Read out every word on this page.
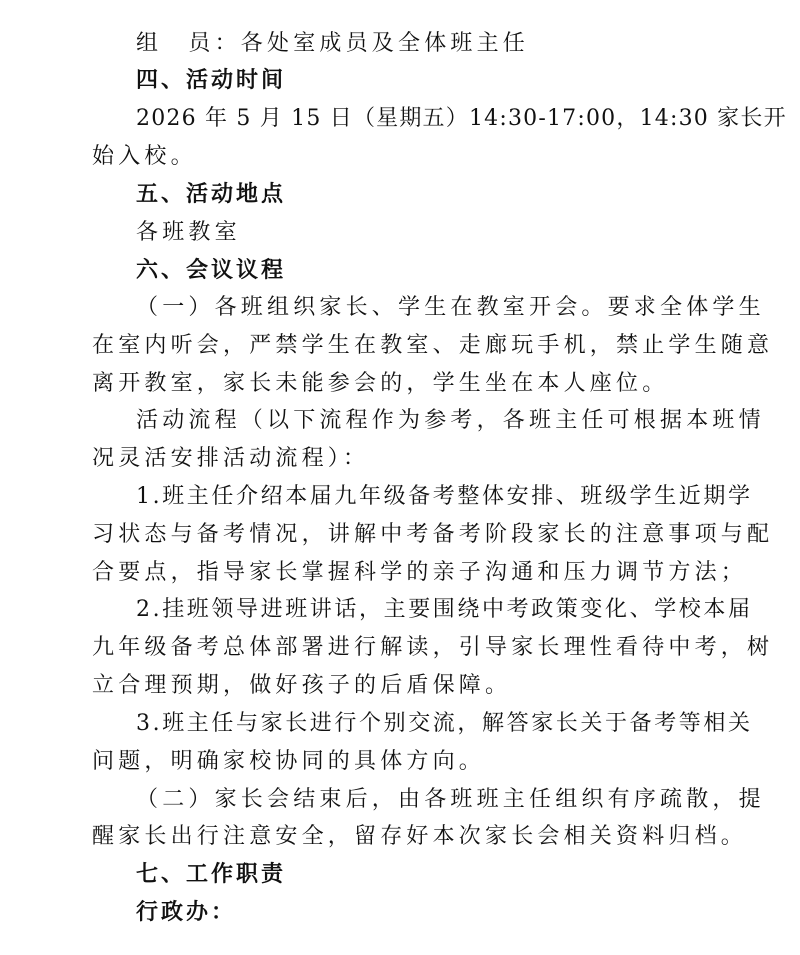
组　员：各处室成员及全体班主任
四、活动时间
2026 年 5 月 15 日（星期五）14:30-17:00，14:30 家长开
始入校。
五、活动地点
各班教室
六、会议议程
（一）各班组织家长、学生在教室开会。要求全体学生
在室内听会，严禁学生在教室、走廊玩手机，禁止学生随意
离开教室，家长未能参会的，学生坐在本人座位。
活动流程（以下流程作为参考，各班主任可根据本班情
况灵活安排活动流程）：
1.班主任介绍本届九年级备考整体安排、班级学生近期学
习状态与备考情况，讲解中考备考阶段家长的注意事项与配
合要点，指导家长掌握科学的亲子沟通和压力调节方法；
2.挂班领导进班讲话，主要围绕中考政策变化、学校本届
九年级备考总体部署进行解读，引导家长理性看待中考，树
立合理预期，做好孩子的后盾保障。
3.班主任与家长进行个别交流，解答家长关于备考等相关
问题，明确家校协同的具体方向。
（二）家长会结束后，由各班班主任组织有序疏散，提
醒家长出行注意安全，留存好本次家长会相关资料归档。
七、工作职责
行政办：
